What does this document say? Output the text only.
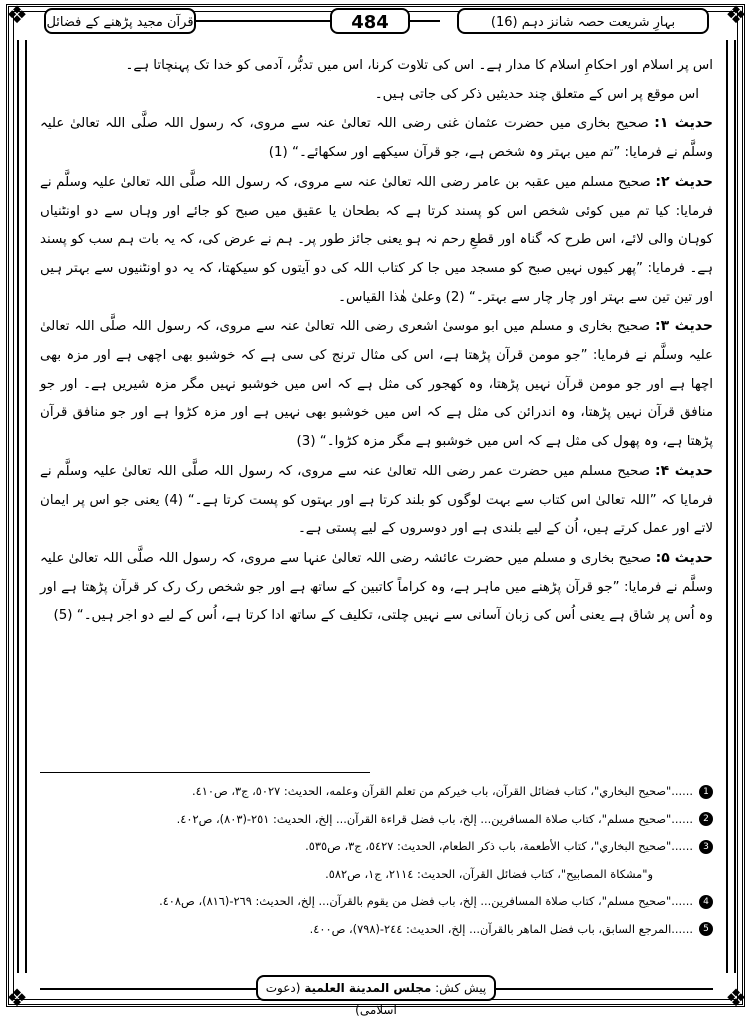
❖	❖
❖	❖
بہارِ شریعت حصہ شانز دہم (16)
484
قرآن مجید پڑھنے کے فضائل

اس پر اسلام اور احکامِ اسلام کا مدار ہے۔ اس کی تلاوت کرنا، اس میں تدبُّر، آدمی کو خدا تک پہنچاتا ہے۔

اس موقع پر اس کے متعلق چند حدیثیں ذکر کی جاتی ہیں۔

حدیث ۱: صحیح بخاری میں حضرت عثمان غنی رضی اللہ تعالیٰ عنہ سے مروی، کہ رسول اللہ صلَّی اللہ تعالیٰ علیہ وسلَّم نے فرمایا: ”تم میں بہتر وہ شخص ہے، جو قرآن سیکھے اور سکھائے۔“ (1)

حدیث ۲: صحیح مسلم میں عقبہ بن عامر رضی اللہ تعالیٰ عنہ سے مروی، کہ رسول اللہ صلَّی اللہ تعالیٰ علیہ وسلَّم نے فرمایا: کیا تم میں کوئی شخص اس کو پسند کرتا ہے کہ بطحان یا عقیق میں صبح کو جائے اور وہاں سے دو اونٹنیاں کوہان والی لائے، اس طرح کہ گناہ اور قطعِ رحم نہ ہو یعنی جائز طور پر۔ ہم نے عرض کی، کہ یہ بات ہم سب کو پسند ہے۔ فرمایا: ”پھر کیوں نہیں صبح کو مسجد میں جا کر کتاب اللہ کی دو آیتوں کو سیکھتا، کہ یہ دو اونٹنیوں سے بہتر ہیں اور تین تین سے بہتر اور چار چار سے بہتر۔“ (2) وعلیٰ ھٰذا القیاس۔

حدیث ۳: صحیح بخاری و مسلم میں ابو موسیٰ اشعری رضی اللہ تعالیٰ عنہ سے مروی، کہ رسول اللہ صلَّی اللہ تعالیٰ علیہ وسلَّم نے فرمایا: ”جو مومن قرآن پڑھتا ہے، اس کی مثال ترنج کی سی ہے کہ خوشبو بھی اچھی ہے اور مزہ بھی اچھا ہے اور جو مومن قرآن نہیں پڑھتا، وہ کھجور کی مثل ہے کہ اس میں خوشبو نہیں مگر مزہ شیریں ہے۔ اور جو منافق قرآن نہیں پڑھتا، وہ اندرائن کی مثل ہے کہ اس میں خوشبو بھی نہیں ہے اور مزہ کڑوا ہے اور جو منافق قرآن پڑھتا ہے، وہ پھول کی مثل ہے کہ اس میں خوشبو ہے مگر مزہ کڑوا۔“ (3)

حدیث ۴: صحیح مسلم میں حضرت عمر رضی اللہ تعالیٰ عنہ سے مروی، کہ رسول اللہ صلَّی اللہ تعالیٰ علیہ وسلَّم نے فرمایا کہ ”اللہ تعالیٰ اس کتاب سے بہت لوگوں کو بلند کرتا ہے اور بہتوں کو پست کرتا ہے۔“ (4) یعنی جو اس پر ایمان لاتے اور عمل کرتے ہیں، اُن کے لیے بلندی ہے اور دوسروں کے لیے پستی ہے۔

حدیث ۵: صحیح بخاری و مسلم میں حضرت عائشہ رضی اللہ تعالیٰ عنہا سے مروی، کہ رسول اللہ صلَّی اللہ تعالیٰ علیہ وسلَّم نے فرمایا: ”جو قرآن پڑھنے میں ماہر ہے، وہ کراماً کاتبین کے ساتھ ہے اور جو شخص رک رک کر قرآن پڑھتا ہے اور وہ اُس پر شاق ہے یعنی اُس کی زبان آسانی سے نہیں چلتی، تکلیف کے ساتھ ادا کرتا ہے، اُس کے لیے دو اجر ہیں۔“ (5)

1
......"صحيح البخاري"، كتاب فضائل القرآن، باب خيركم من تعلم القرآن وعلمه، الحديث: ٥٠٢٧، ج٣، ص٤١٠.
2
......"صحيح مسلم"، كتاب صلاة المسافرين... إلخ، باب فضل قراءة القرآن... إلخ، الحديث: ٢٥١-(٨٠٣)، ص٤٠٢.
3
......"صحيح البخاري"، كتاب الأطعمة، باب ذكر الطعام، الحديث: ٥٤٢٧، ج٣، ص٥٣٥.
و"مشكاة المصابيح"، كتاب فضائل القرآن، الحديث: ٢١١٤، ج١، ص٥٨٢.
4
......"صحيح مسلم"، كتاب صلاة المسافرين... إلخ، باب فضل من يقوم بالقرآن... إلخ، الحديث: ٢٦٩-(٨١٦)، ص٤٠٨.
5
......المرجع السابق، باب فضل الماهر بالقرآن... إلخ، الحديث: ٢٤٤-(٧٩٨)، ص٤٠٠.
پیش کش: مجلس المدينة العلمية (دعوت اسلامی)
